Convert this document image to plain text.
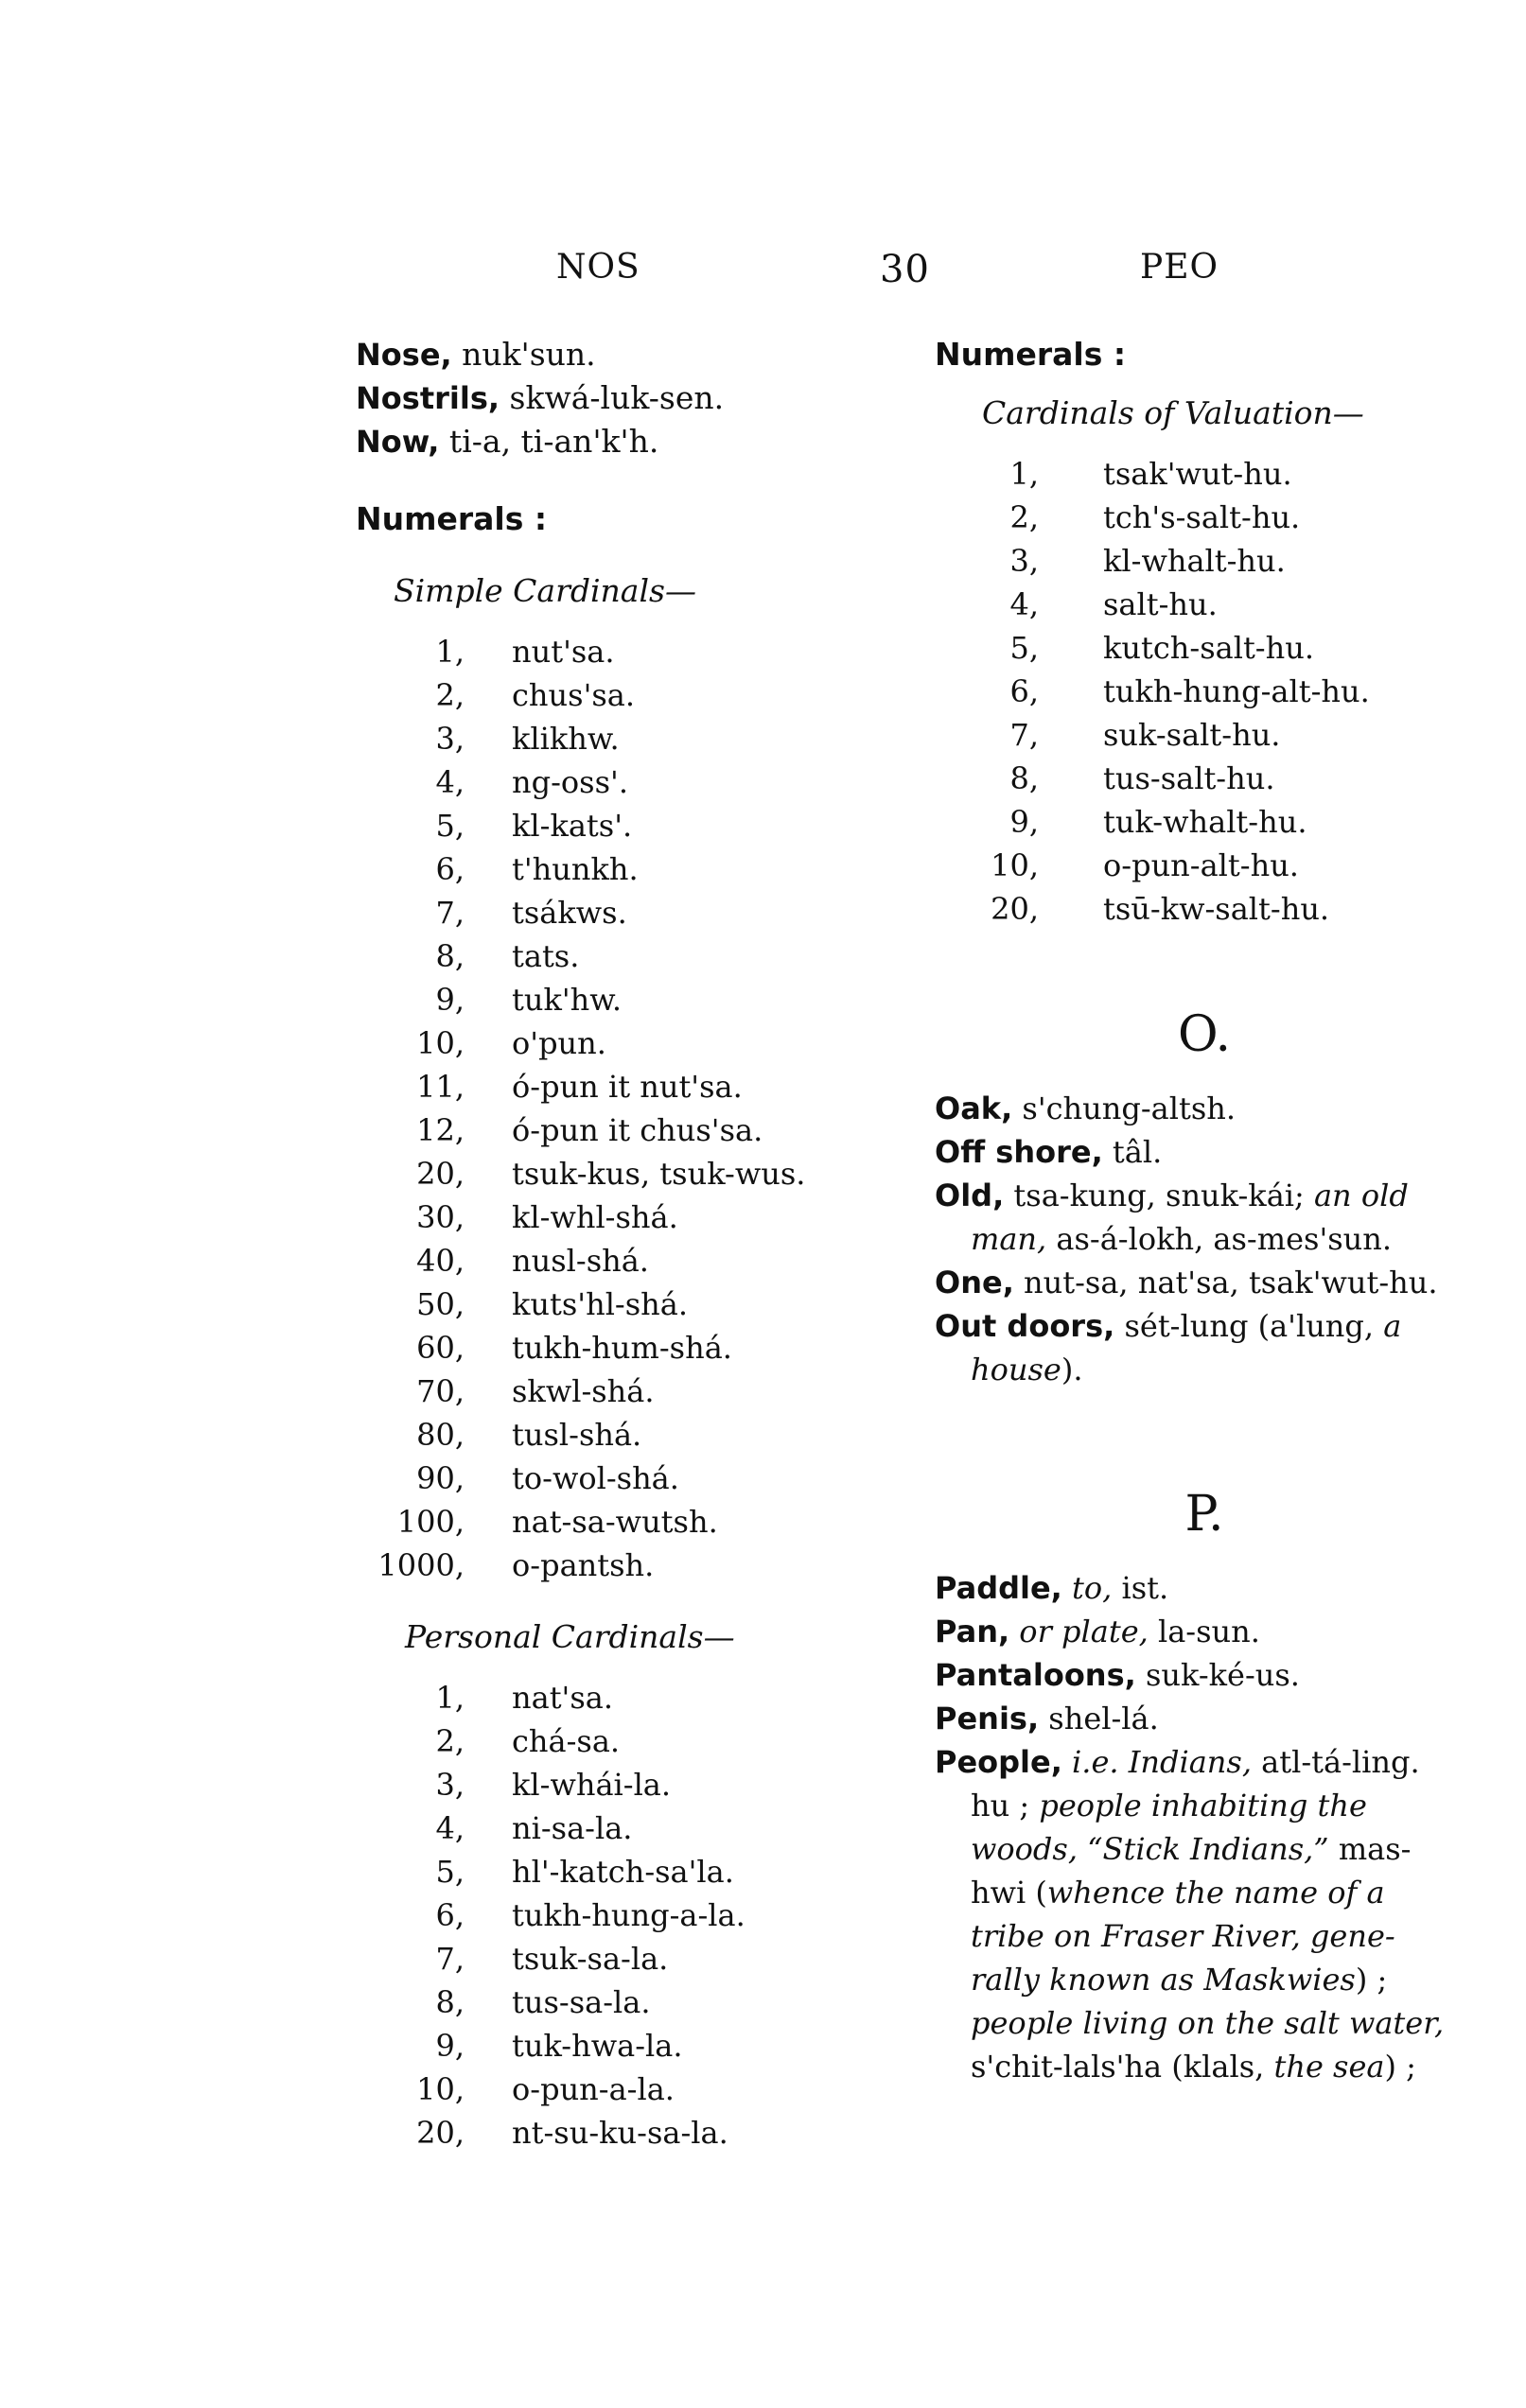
NOS	30	PEO
Nose, nuk'sun.
Nostrils, skwá-luk-sen.
Now, ti-a, ti-an'k'h.
Numerals :
Simple Cardinals—
1,	nut'sa.
2,	chus'sa.
3,	klikhw.
4,	ng-oss'.
5,	kl-kats'.
6,	t'hunkh.
7,	tsákws.
8,	tats.
9,	tuk'hw.
10,	o'pun.
11,	ó-pun it nut'sa.
12,	ó-pun it chus'sa.
20,	tsuk-kus, tsuk-wus.
30,	kl-whl-shá.
40,	nusl-shá.
50,	kuts'hl-shá.
60,	tukh-hum-shá.
70,	skwl-shá.
80,	tusl-shá.
90,	to-wol-shá.
100,	nat-sa-wutsh.
1000,	o-pantsh.
Personal Cardinals—
1,	nat'sa.
2,	chá-sa.
3,	kl-whái-la.
4,	ni-sa-la.
5,	hl'-katch-sa'la.
6,	tukh-hung-a-la.
7,	tsuk-sa-la.
8,	tus-sa-la.
9,	tuk-hwa-la.
10,	o-pun-a-la.
20,	nt-su-ku-sa-la.
Numerals :
Cardinals of Valuation—
1,	tsak'wut-hu.
2,	tch's-salt-hu.
3,	kl-whalt-hu.
4,	salt-hu.
5,	kutch-salt-hu.
6,	tukh-hung-alt-hu.
7,	suk-salt-hu.
8,	tus-salt-hu.
9,	tuk-whalt-hu.
10,	o-pun-alt-hu.
20,	tsū-kw-salt-hu.
O.
Oak, s'chung-altsh.
Off shore, tâl.
Old, tsa-kung, snuk-kái; an old
man, as-á-lokh, as-mes'sun.
One, nut-sa, nat'sa, tsak'wut-hu.
Out doors, sét-lung (a'lung, a
house).
P.
Paddle, to, ist.
Pan, or plate, la-sun.
Pantaloons, suk-ké-us.
Penis, shel-lá.
People, i.e. Indians, atl-tá-ling.
hu ; people inhabiting the
woods, “Stick Indians,” mas-
hwi (whence the name of a
tribe on Fraser River, gene-
rally known as Maskwies) ;
people living on the salt water,
s'chit-lals'ha (klals, the sea) ;
